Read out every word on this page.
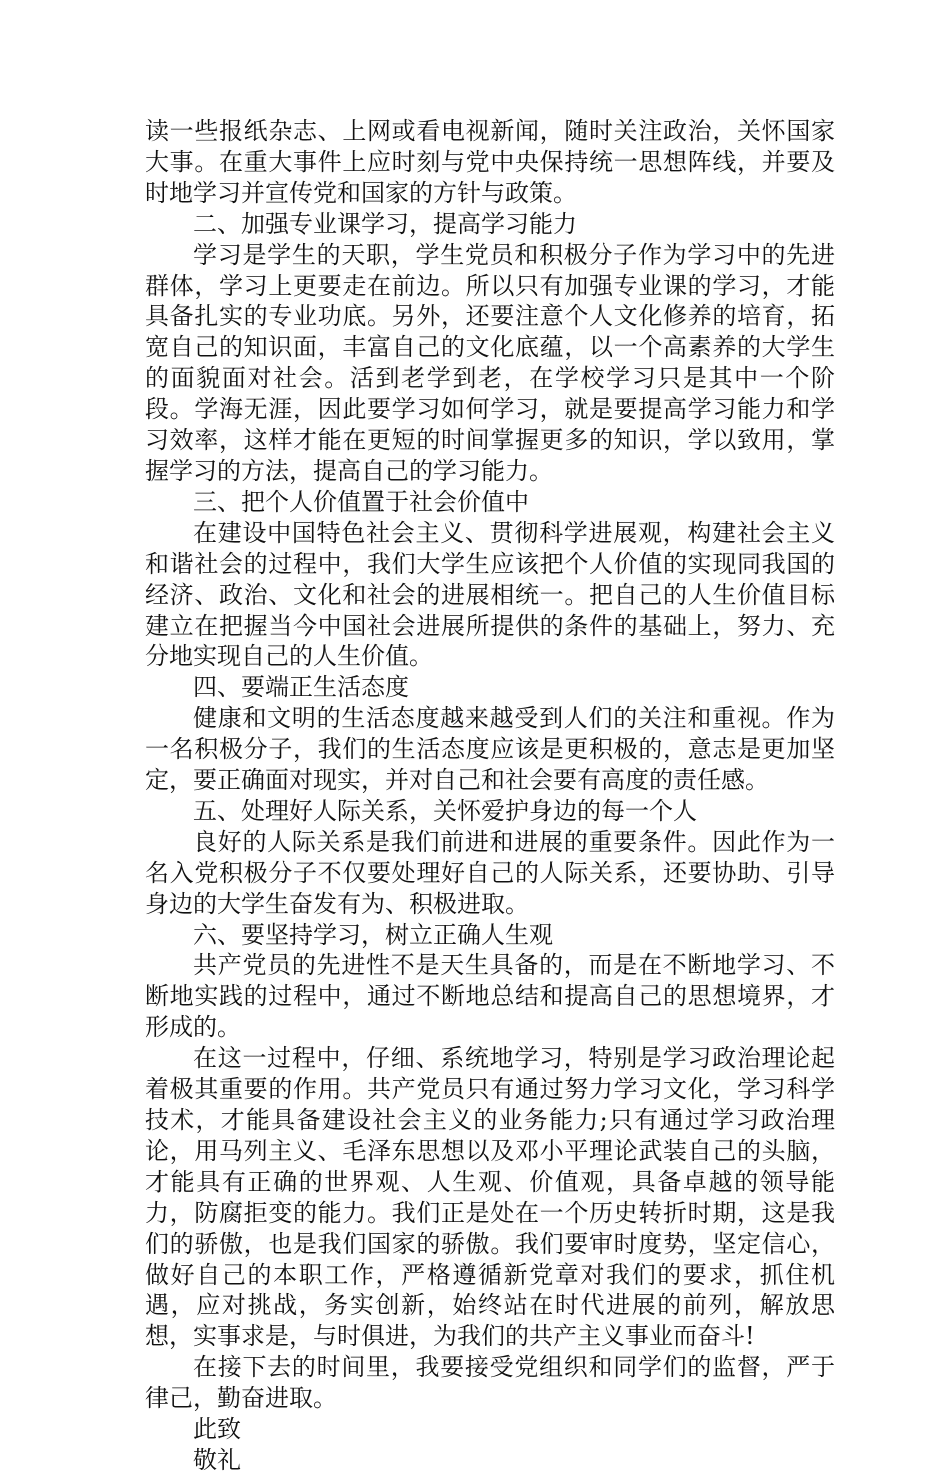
读一些报纸杂志、上网或看电视新闻，随时关注政治，关怀国家大事。在重大事件上应时刻与党中央保持统一思想阵线，并要及时地学习并宣传党和国家的方针与政策。

二、加强专业课学习，提高学习能力

学习是学生的天职，学生党员和积极分子作为学习中的先进群体，学习上更要走在前边。所以只有加强专业课的学习，才能具备扎实的专业功底。另外，还要注意个人文化修养的培育，拓宽自己的知识面，丰富自己的文化底蕴，以一个高素养的大学生的面貌面对社会。活到老学到老，在学校学习只是其中一个阶段。学海无涯，因此要学习如何学习，就是要提高学习能力和学习效率，这样才能在更短的时间掌握更多的知识，学以致用，掌握学习的方法，提高自己的学习能力。

三、把个人价值置于社会价值中

在建设中国特色社会主义、贯彻科学进展观，构建社会主义和谐社会的过程中，我们大学生应该把个人价值的实现同我国的经济、政治、文化和社会的进展相统一。把自己的人生价值目标建立在把握当今中国社会进展所提供的条件的基础上，努力、充分地实现自己的人生价值。

四、要端正生活态度

健康和文明的生活态度越来越受到人们的关注和重视。作为一名积极分子，我们的生活态度应该是更积极的，意志是更加坚定，要正确面对现实，并对自己和社会要有高度的责任感。

五、处理好人际关系，关怀爱护身边的每一个人

良好的人际关系是我们前进和进展的重要条件。因此作为一名入党积极分子不仅要处理好自己的人际关系，还要协助、引导身边的大学生奋发有为、积极进取。

六、要坚持学习，树立正确人生观

共产党员的先进性不是天生具备的，而是在不断地学习、不断地实践的过程中，通过不断地总结和提高自己的思想境界，才形成的。

在这一过程中，仔细、系统地学习，特别是学习政治理论起着极其重要的作用。共产党员只有通过努力学习文化，学习科学技术，才能具备建设社会主义的业务能力;只有通过学习政治理论，用马列主义、毛泽东思想以及邓小平理论武装自己的头脑，才能具有正确的世界观、人生观、价值观，具备卓越的领导能力，防腐拒变的能力。我们正是处在一个历史转折时期，这是我们的骄傲，也是我们国家的骄傲。我们要审时度势，坚定信心，做好自己的本职工作，严格遵循新党章对我们的要求，抓住机遇，应对挑战，务实创新，始终站在时代进展的前列，解放思想，实事求是，与时俱进，为我们的共产主义事业而奋斗!

在接下去的时间里，我要接受党组织和同学们的监督，严于律己，勤奋进取。

此致

敬礼
